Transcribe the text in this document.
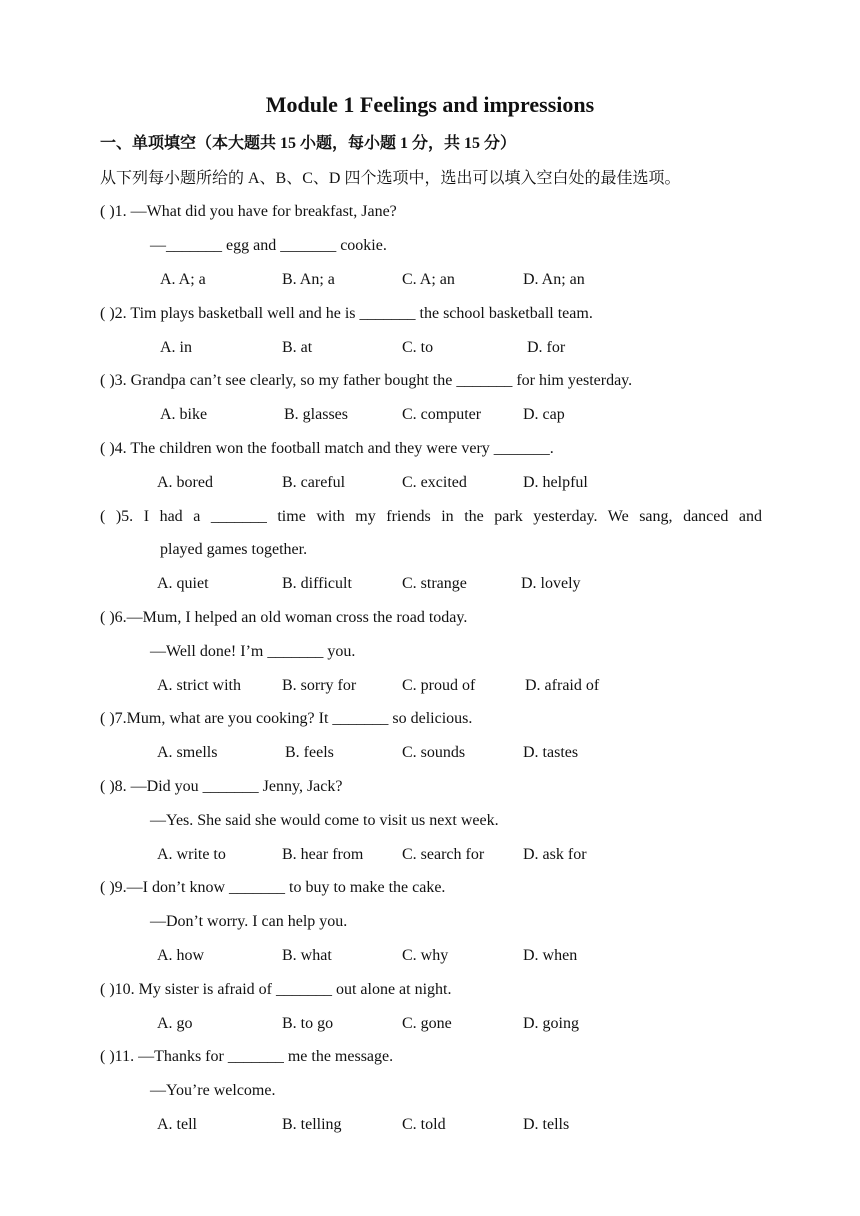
Module 1 Feelings and impressions
一、单项填空（本大题共 15 小题，每小题 1 分，共 15 分）
从下列每小题所给的 A、B、C、D 四个选项中，选出可以填入空白处的最佳选项。
( )1. —What did you have for breakfast, Jane?
—_______ egg and _______ cookie.
A. A; a	B. An; a	C. A; an	D. An; an
( )2. Tim plays basketball well and he is _______ the school basketball team.
A. in	B. at	C. to	D. for
( )3. Grandpa can’t see clearly, so my father bought the _______ for him yesterday.
A. bike	B. glasses	C. computer	D. cap
( )4. The children won the football match and they were very _______.
A. bored	B. careful	C. excited	D. helpful
( )5. I had a _______ time with my friends in the park yesterday. We sang, danced and
played games together.
A. quiet	B. difficult	C. strange	D. lovely
( )6.—Mum, I helped an old woman cross the road today.
—Well done! I’m _______ you.
A. strict with	B. sorry for	C. proud of	D. afraid of
( )7.Mum, what are you cooking? It _______ so delicious.
A. smells	B. feels	C. sounds	D. tastes
( )8. —Did you _______ Jenny, Jack?
—Yes. She said she would come to visit us next week.
A. write to	B. hear from C. search for D. ask for
( )9.—I don’t know _______ to buy to make the cake.
—Don’t worry. I can help you.
A. how	B. what	C. why	D. when
( )10. My sister is afraid of _______ out alone at night.
A. go	B. to go	C. gone	D. going
( )11. —Thanks for _______ me the message.
—You’re welcome.
A. tell	B. telling	C. told	D. tells
